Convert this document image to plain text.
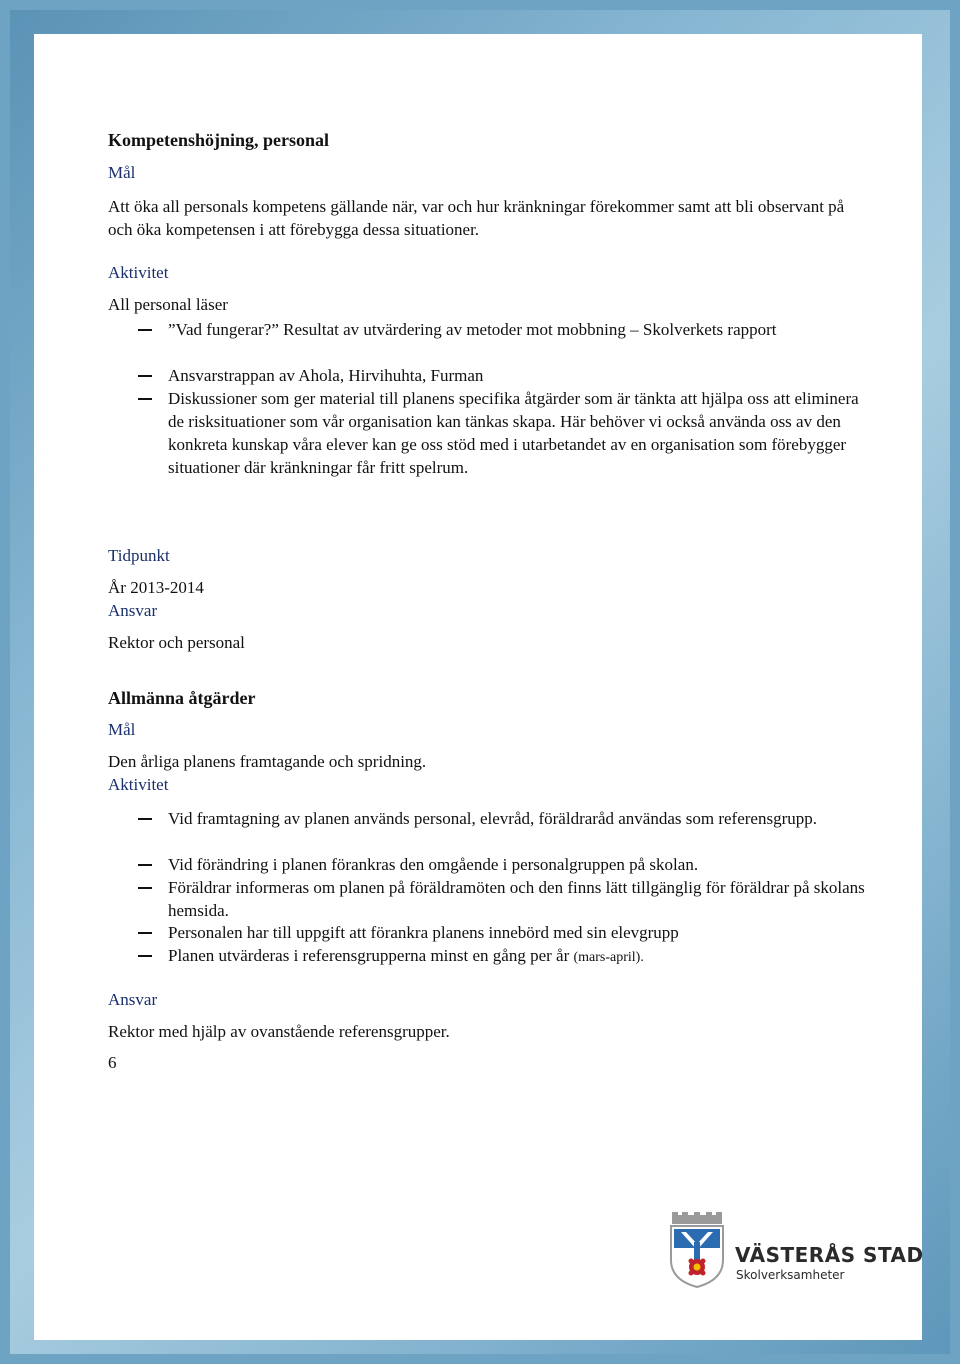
Kompetenshöjning, personal
Mål
Att öka all personals kompetens gällande när, var och hur kränkningar förekommer samt att bli observant på och öka kompetensen i att förebygga dessa situationer.
Aktivitet
All personal läser
”Vad fungerar?” Resultat av utvärdering av metoder mot mobbning – Skolverkets rapport
Ansvarstrappan av Ahola, Hirvihuhta, Furman
Diskussioner som ger material till planens specifika åtgärder som är tänkta att hjälpa oss att eliminera de risksituationer som vår organisation kan tänkas skapa. Här behöver vi också använda oss av den konkreta kunskap våra elever kan ge oss stöd med i utarbetandet av en organisation som förebygger situationer där kränkningar får fritt spelrum.
Tidpunkt
År 2013-2014
Ansvar
Rektor och personal
Allmänna åtgärder
Mål
Den årliga planens framtagande och spridning.
Aktivitet
Vid framtagning av planen används personal, elevråd, föräldraråd användas som referensgrupp.
Vid förändring i planen förankras den omgående i personalgruppen på skolan.
Föräldrar informeras om planen på föräldramöten och den finns lätt tillgänglig för föräldrar på skolans hemsida.
Personalen har till uppgift att förankra planens innebörd med sin elevgrupp
Planen utvärderas i referensgrupperna minst en gång per år (mars-april).
Ansvar
Rektor med hjälp av ovanstående referensgrupper.
6
VÄSTERÅS STAD
Skolverksamheter
